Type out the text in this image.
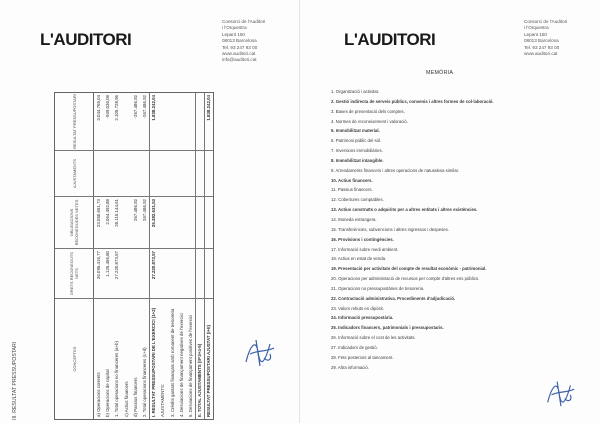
L'AUDITORI
Consorci de l'Auditori
i l'Orquestra
Lepant 150
08013 Barcelona
Tel. 93 247 93 00
www.auditori.cat
info@auditori.cat
III. RESULTAT PRESSUPOSTARI	CONCEPTES
DRETS RECONEGUTS NETS
OBLIGACIONS RECONEGUDES NETES
AJUSTAMENTS
RESULTAT PRESSUPOSTARI
a) Operacions corrents
26.095.416,77
23.050.651,73
3.044.765,04
b) Operacions de capital
1.125.456,80
2.064.492,88
-939.036,08
1. Total operacions no financeres (a+b)
27.220.873,57
25.115.144,61
2.105.728,96
c) Actius financers d) Passius financers
267.486,92
-267.486,92
2. Total operacions financeres (c+d)
267.486,92
-267.486,92
I. RESULTAT PRESSUPOSTARI DE L'EXERCICI (1+2)
27.220.873,57
25.382.631,53
1.838.242,04
AJUSTAMENTS: 3. Crèdits gastats finançats amb romanent de tresoreria 4. Desviacions de finançament negatives de l'exercici 5. Desviacions de finançament positives de l'exercici II. TOTAL AJUSTAMENTS (II=3+4-5) RESULTAT PRESSUPOSTARI AJUSTAT (I+II)
1.838.242,04
L'AUDITORI
Consorci de l'Auditori
i l'Orquestra
Lepant 150
08013 Barcelona
Tel. 93 247 93 00
www.auditori.cat
MEMÒRIA
1. Organització i activitat.
2. Gestió indirecta de serveis públics, convenis i altres formes de col·laboració.
3. Bases de presentació dels comptes.
4. Normes de reconeixement i valoració.
5. Immobilitzat material.
6. Patrimoni públic del sòl.
7. Inversions immobiliàries.
8. Immobilitzat intangible.
9. Arrendaments financers i altres operacions de naturalesa similar.
10. Actius financers.
11. Passius financers.
12. Cobertures comptables.
13. Actius construïts o adquirits per a altres entitats i altres existències.
14. Moneda estrangera.
15. Transferències, subvencions i altres ingressos i despeses.
16. Provisions i contingències.
17. Informació sobre medi ambient.
18. Actius en estat de venda.
19. Presentació per activitats del compte de resultat econòmic - patrimonial.
20. Operacions per administració de recursos per compte d'altres ens públics.
21. Operacions no pressupostàries de tresoreria.
22. Contractació administrativa. Procediments d'adjudicació.
23. Valors rebuts en dipòsit.
24. Informació pressupostària.
25. Indicadors financers, patrimonials i pressupostaris.
26. Informació sobre el cost de les activitats.
27. Indicadors de gestió.
28. Fets posteriors al tancament.
29. Altra informació.
